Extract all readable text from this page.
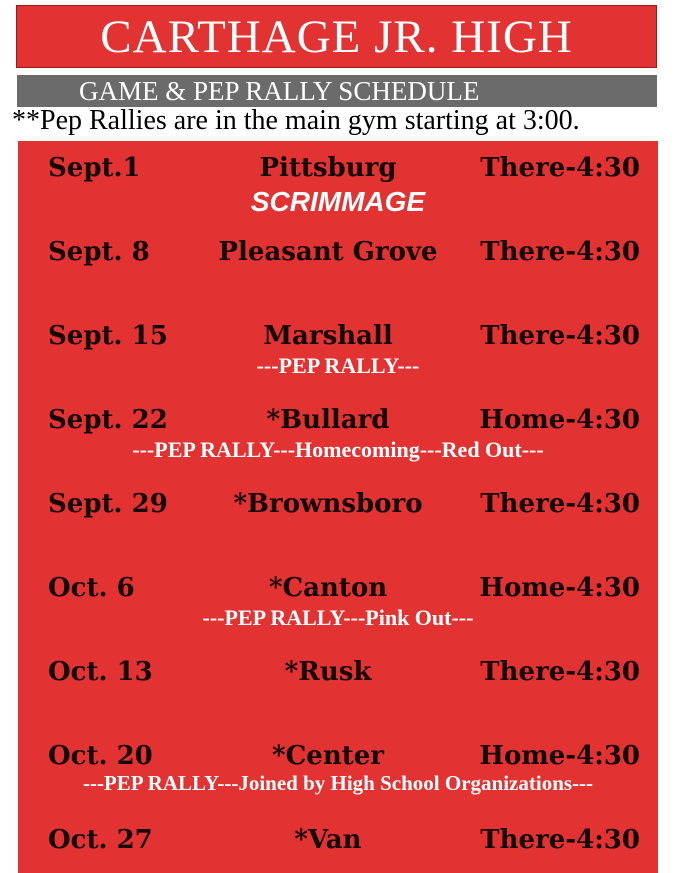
CARTHAGE JR. HIGH
GAME & PEP RALLY SCHEDULE
**Pep Rallies are in the main gym starting at 3:00.
Sept.1	Pittsburg	There-4:30
SCRIMMAGE
Sept. 8	Pleasant Grove	There-4:30
Sept. 15	Marshall	There-4:30
---PEP RALLY---
Sept. 22	*Bullard	Home-4:30
---PEP RALLY---Homecoming---Red Out---
Sept. 29	*Brownsboro	There-4:30
Oct. 6	*Canton	Home-4:30
---PEP RALLY---Pink Out---
Oct. 13	*Rusk	There-4:30
Oct. 20	*Center	Home-4:30
---PEP RALLY---Joined by High School Organizations---
Oct. 27	*Van	There-4:30
